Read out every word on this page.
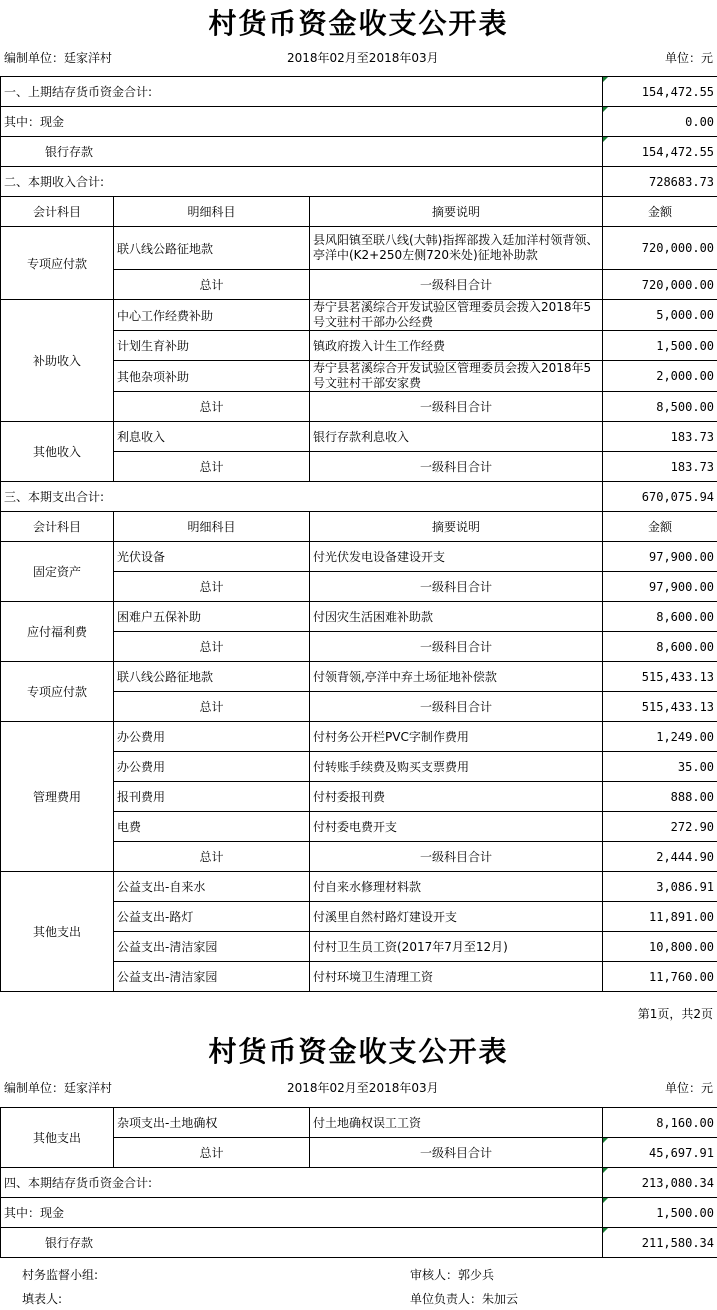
村货币资金收支公开表
编制单位：廷家洋村	2018年02月至2018年03月	单位：元
一、上期结存货币资金合计:			154,472.55
其中：现金			0.00
银行存款			154,472.55
二、本期收入合计:			728683.73
会计科目	明细科目	摘要说明	金额
专项应付款	联八线公路征地款	县风阳镇至联八线(大韩)指挥部拨入廷加洋村领背领、亭洋中(K2+250左侧720米处)征地补助款	720,000.00
	总计	一级科目合计	720,000.00
补助收入	中心工作经费补助	寿宁县茗溪综合开发试验区管理委员会拨入2018年5号文驻村干部办公经费	5,000.00
	计划生育补助	镇政府拨入计生工作经费	1,500.00
	其他杂项补助	寿宁县茗溪综合开发试验区管理委员会拨入2018年5号文驻村干部安家费	2,000.00
	总计	一级科目合计	8,500.00
其他收入	利息收入	银行存款利息收入	183.73
	总计	一级科目合计	183.73
三、本期支出合计:			670,075.94
会计科目	明细科目	摘要说明	金额
固定资产	光伏设备	付光伏发电设备建设开支	97,900.00
	总计	一级科目合计	97,900.00
应付福利费	困难户五保补助	付因灾生活困难补助款	8,600.00
	总计	一级科目合计	8,600.00
专项应付款	联八线公路征地款	付领背领,亭洋中弃土场征地补偿款	515,433.13
	总计	一级科目合计	515,433.13
管理费用	办公费用	付村务公开栏PVC字制作费用	1,249.00
	办公费用	付转账手续费及购买支票费用	35.00
	报刊费用	付村委报刊费	888.00
	电费	付村委电费开支	272.90
	总计	一级科目合计	2,444.90
其他支出	公益支出-自来水	付自来水修理材料款	3,086.91
	公益支出-路灯	付溪里自然村路灯建设开支	11,891.00
	公益支出-清洁家园	付村卫生员工资(2017年7月至12月)	10,800.00
	公益支出-清洁家园	付村环境卫生清理工资	11,760.00
第1页，共2页
村货币资金收支公开表
编制单位：廷家洋村	2018年02月至2018年03月	单位：元
其他支出	杂项支出-土地确权	付土地确权误工工资	8,160.00
	总计	一级科目合计	45,697.91
四、本期结存货币资金合计:			213,080.34
其中：现金			1,500.00
银行存款			211,580.34
村务监督小组:	审核人：郭少兵
填表人:	单位负责人：朱加云
